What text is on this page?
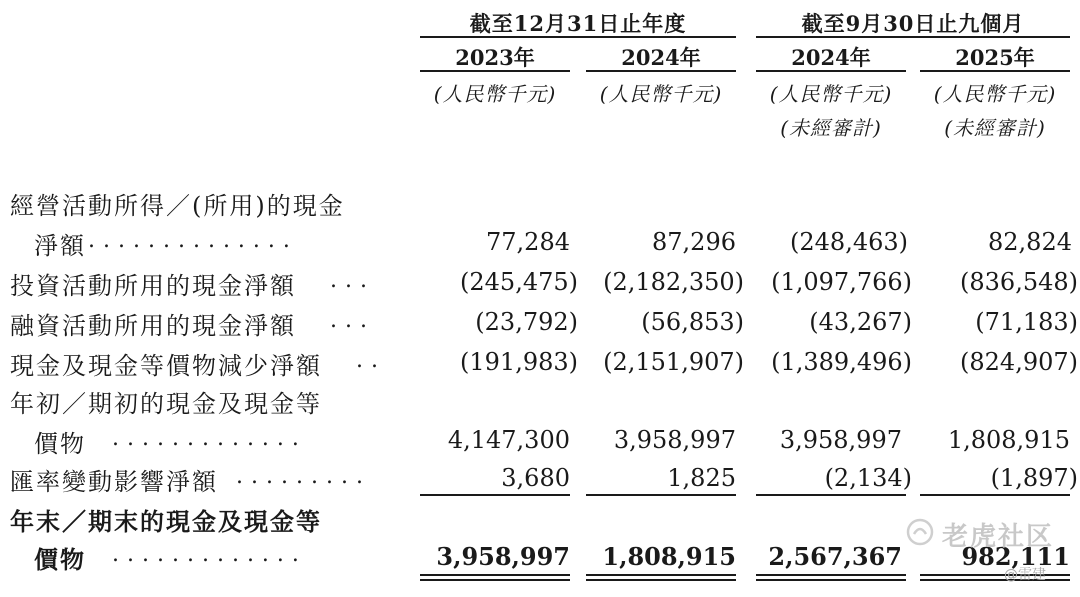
截至12月31日止年度	截至9月30日止九個月
2023年	2024年	2024年	2025年
(人民幣千元)	(人民幣千元)	(人民幣千元)	(人民幣千元)
(未經審計)	(未經審計)
經營活動所得／(所用)的現金
淨額 ..............	77,284	87,296	(248,463)	82,824
投資活動所用的現金淨額 ...	(245,475)	(2,182,350)	(1,097,766)	(836,548)
融資活動所用的現金淨額 ...	(23,792)	(56,853)	(43,267)	(71,183)
現金及現金等價物減少淨額 ..	(191,983)	(2,151,907)	(1,389,496)	(824,907)
年初／期初的現金及現金等
價物 .............	4,147,300	3,958,997	3,958,997	1,808,915
匯率變動影響淨額 .........	3,680	1,825	(2,134)	(1,897)
年末／期末的現金及現金等
價物 .............	3,958,997	1,808,915	2,567,367	982,111
老虎社区
@雷建
